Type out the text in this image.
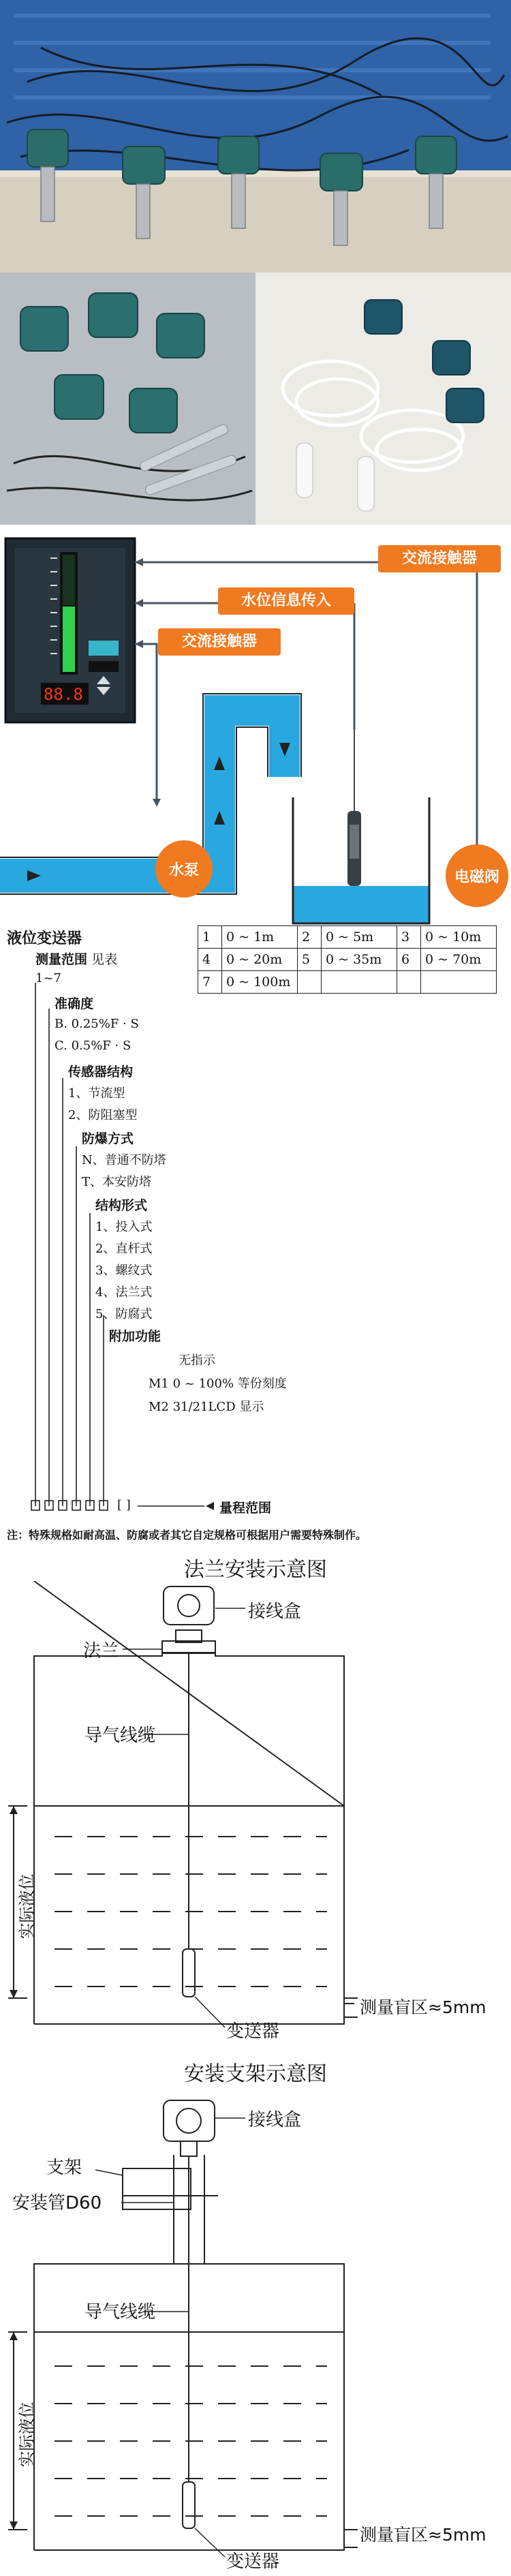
88.8
交流接触器
水位信息传入
交流接触器
水泵	电磁阀
液位变送器
测量范围 见表
1	0 ~ 1m	2	0 ~ 5m	3	0 ~ 10m
4	0 ~ 20m	5	0 ~ 35m	6	0 ~ 70m
7	0 ~ 100m				
1~7
准确度
B. 0.25%F · S
C. 0.5%F · S
传感器结构
1、节流型
2、防阻塞型
防爆方式
N、普通不防塔
T、本安防塔
结构形式
1、投入式
2、直杆式
3、螺纹式
4、法兰式
5、防腐式
附加功能
无指示
M1 0 ~ 100% 等份刻度
M2 31/21LCD 显示
[ ]	量程范围
注：特殊规格如耐高温、防腐或者其它自定规格可根据用户需要特殊制作。
法兰安装示意图
接线盒
法兰
导气线缆
实际液位
测量盲区≈5mm
变送器
安装支架示意图
接线盒
支架
安装管D60
导气线缆
实际液位
测量盲区≈5mm
变送器
